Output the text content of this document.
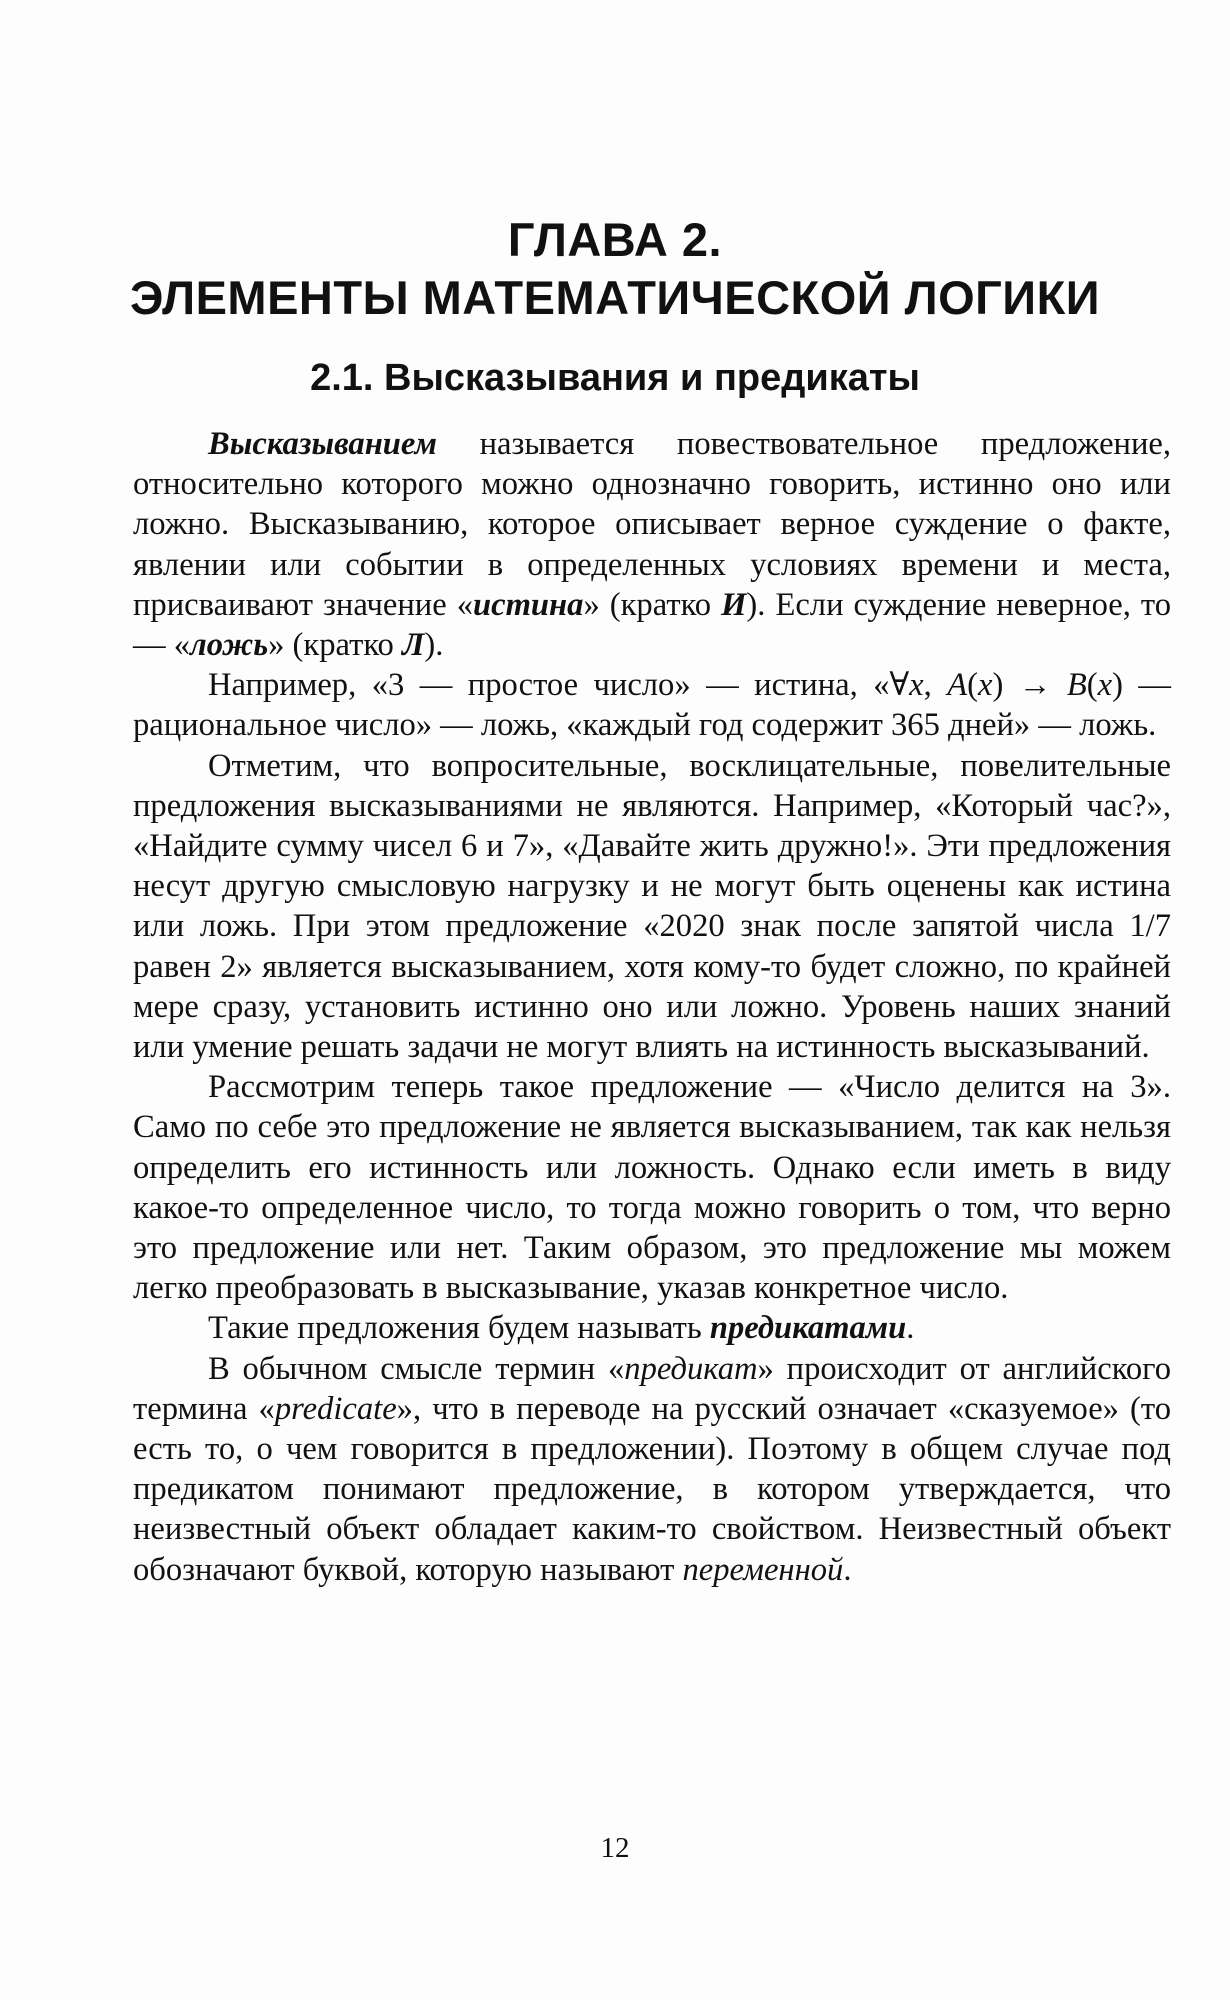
ГЛАВА 2.
ЭЛЕМЕНТЫ МАТЕМАТИЧЕСКОЙ ЛОГИКИ
2.1. Высказывания и предикаты

Высказыванием называется повествовательное предложение, относительно которого можно однозначно говорить, истинно оно или ложно. Высказыванию, которое описывает верное суждение о факте, явлении или событии в определенных условиях времени и места, присваивают значение «истина» (кратко И). Если суждение неверное, то — «ложь» (кратко Л).

Например, «3 — простое число» — истина, «∀x, A(x) → B(x) — рациональное число» — ложь, «каждый год содержит 365 дней» — ложь.

Отметим, что вопросительные, восклицательные, повелительные предложения высказываниями не являются. Например, «Который час?», «Найдите сумму чисел 6 и 7», «Давайте жить дружно!». Эти предложения несут другую смысловую нагрузку и не могут быть оценены как истина или ложь. При этом предложение «2020 знак после запятой числа 1/7 равен 2» является высказыванием, хотя кому-то будет сложно, по крайней мере сразу, установить истинно оно или ложно. Уровень наших знаний или умение решать задачи не могут влиять на истинность высказываний.

Рассмотрим теперь такое предложение — «Число делится на 3». Само по себе это предложение не является высказыванием, так как нельзя определить его истинность или ложность. Однако если иметь в виду какое-то определенное число, то тогда можно говорить о том, что верно это предложение или нет. Таким образом, это предложение мы можем легко преобразовать в высказывание, указав конкретное число.

Такие предложения будем называть предикатами.

В обычном смысле термин «предикат» происходит от английского термина «predicate», что в переводе на русский означает «сказуемое» (то есть то, о чем говорится в предложении). Поэтому в общем случае под предикатом понимают предложение, в котором утверждается, что неизвестный объект обладает каким-то свойством. Неизвестный объект обозначают буквой, которую называют переменной.

12
